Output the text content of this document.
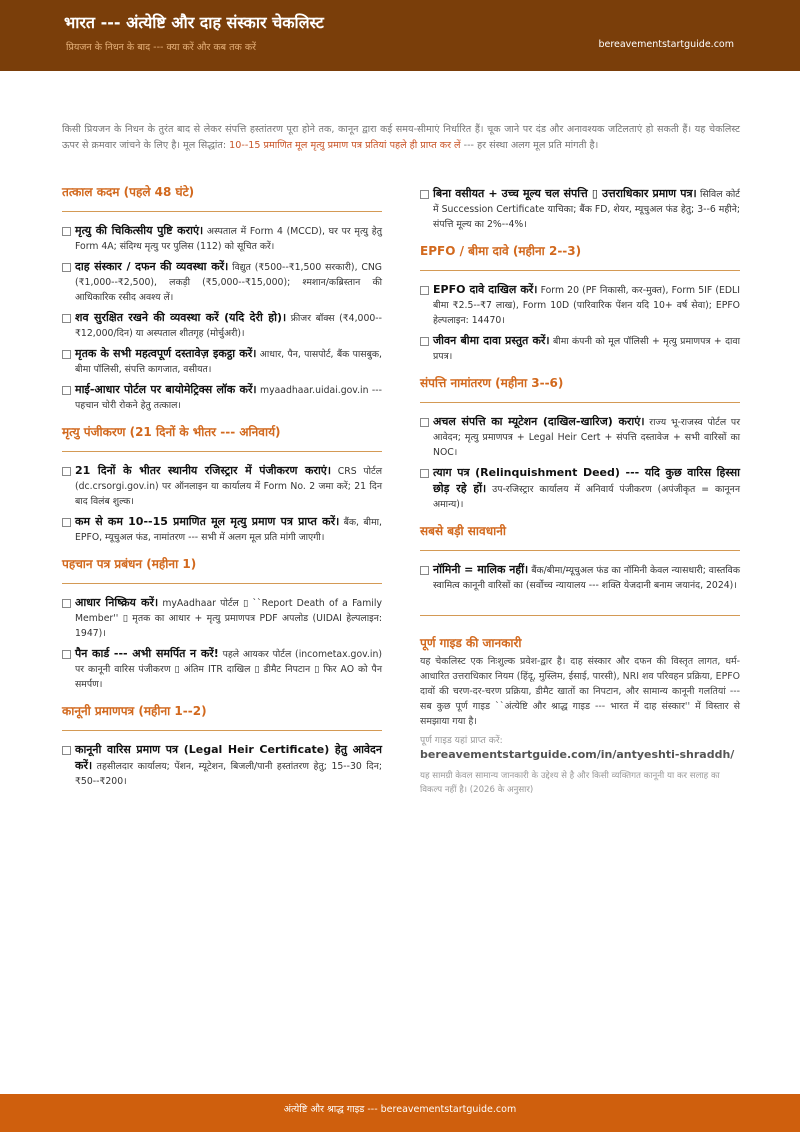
भारत --- अंत्येष्टि और दाह संस्कार चेकलिस्ट
प्रियजन के निधन के बाद --- क्या करें और कब तक करें	bereavementstartguide.com
किसी प्रियजन के निधन के तुरंत बाद से लेकर संपत्ति हस्तांतरण पूरा होने तक, कानून द्वारा कई समय-सीमाएं निर्धारित हैं। चूक जाने पर दंड और अनावश्यक जटिलताएं हो सकती हैं। यह चेकलिस्ट ऊपर से क्रमवार जांचने के लिए है। मूल सिद्धांत: 10--15 प्रमाणित मूल मृत्यु प्रमाण पत्र प्रतियां पहले ही प्राप्त कर लें --- हर संस्था अलग मूल प्रति मांगती है।
तत्काल कदम (पहले 48 घंटे)
मृत्यु की चिकित्सीय पुष्टि कराएं। अस्पताल में Form 4 (MCCD), घर पर मृत्यु हेतु Form 4A; संदिग्ध मृत्यु पर पुलिस (112) को सूचित करें।
दाह संस्कार / दफन की व्यवस्था करें। विद्युत (₹500--₹1,500 सरकारी), CNG (₹1,000--₹2,500), लकड़ी (₹5,000--₹15,000); श्मशान/कब्रिस्तान की आधिकारिक रसीद अवश्य लें।
शव सुरक्षित रखने की व्यवस्था करें (यदि देरी हो)। फ्रीजर बॉक्स (₹4,000--₹12,000/दिन) या अस्पताल शीतगृह (मोर्चुअरी)।
मृतक के सभी महत्वपूर्ण दस्तावेज़ इकट्ठा करें। आधार, पैन, पासपोर्ट, बैंक पासबुक, बीमा पॉलिसी, संपत्ति कागजात, वसीयत।
माई-आधार पोर्टल पर बायोमेट्रिक्स लॉक करें। myaadhaar.uidai.gov.in --- पहचान चोरी रोकने हेतु तत्काल।
मृत्यु पंजीकरण (21 दिनों के भीतर --- अनिवार्य)
21 दिनों के भीतर स्थानीय रजिस्ट्रार में पंजीकरण कराएं। CRS पोर्टल (dc.crsorgi.gov.in) पर ऑनलाइन या कार्यालय में Form No. 2 जमा करें; 21 दिन बाद विलंब शुल्क।
कम से कम 10--15 प्रमाणित मूल मृत्यु प्रमाण पत्र प्राप्त करें। बैंक, बीमा, EPFO, म्यूचुअल फंड, नामांतरण --- सभी में अलग मूल प्रति मांगी जाएगी।
पहचान पत्र प्रबंधन (महीना 1)
आधार निष्क्रिय करें। myAadhaar पोर्टल ▯ ``Report Death of a Family Member'' ▯ मृतक का आधार + मृत्यु प्रमाणपत्र PDF अपलोड (UIDAI हेल्पलाइन: 1947)।
पैन कार्ड --- अभी समर्पित न करें! पहले आयकर पोर्टल (incometax.gov.in) पर कानूनी वारिस पंजीकरण ▯ अंतिम ITR दाखिल ▯ डीमैट निपटान ▯ फिर AO को पैन समर्पण।
कानूनी प्रमाणपत्र (महीना 1--2)
कानूनी वारिस प्रमाण पत्र (Legal Heir Certificate) हेतु आवेदन करें। तहसीलदार कार्यालय; पेंशन, म्यूटेशन, बिजली/पानी हस्तांतरण हेतु; 15--30 दिन; ₹50--₹200।
बिना वसीयत + उच्च मूल्य चल संपत्ति ▯ उत्तराधिकार प्रमाण पत्र। सिविल कोर्ट में Succession Certificate याचिका; बैंक FD, शेयर, म्यूचुअल फंड हेतु; 3--6 महीने; संपत्ति मूल्य का 2%--4%।
EPFO / बीमा दावे (महीना 2--3)
EPFO दावे दाखिल करें। Form 20 (PF निकासी, कर-मुक्त), Form 5IF (EDLI बीमा ₹2.5--₹7 लाख), Form 10D (पारिवारिक पेंशन यदि 10+ वर्ष सेवा); EPFO हेल्पलाइन: 14470।
जीवन बीमा दावा प्रस्तुत करें। बीमा कंपनी को मूल पॉलिसी + मृत्यु प्रमाणपत्र + दावा प्रपत्र।
संपत्ति नामांतरण (महीना 3--6)
अचल संपत्ति का म्यूटेशन (दाखिल-खारिज) कराएं। राज्य भू-राजस्व पोर्टल पर आवेदन; मृत्यु प्रमाणपत्र + Legal Heir Cert + संपत्ति दस्तावेज + सभी वारिसों का NOC।
त्याग पत्र (Relinquishment Deed) --- यदि कुछ वारिस हिस्सा छोड़ रहे हों। उप-रजिस्ट्रार कार्यालय में अनिवार्य पंजीकरण (अपंजीकृत = कानूनन अमान्य)।
सबसे बड़ी सावधानी
नॉमिनी = मालिक नहीं। बैंक/बीमा/म्यूचुअल फंड का नॉमिनी केवल न्यासधारी; वास्तविक स्वामित्व कानूनी वारिसों का (सर्वोच्च न्यायालय --- शक्ति येजदानी बनाम जयानंद, 2024)।
पूर्ण गाइड की जानकारी
यह चेकलिस्ट एक निःशुल्क प्रवेश-द्वार है। दाह संस्कार और दफन की विस्तृत लागत, धर्म-आधारित उत्तराधिकार नियम (हिंदू, मुस्लिम, ईसाई, पारसी), NRI शव परिवहन प्रक्रिया, EPFO दावों की चरण-दर-चरण प्रक्रिया, डीमैट खातों का निपटान, और सामान्य कानूनी गलतियां --- सब कुछ पूर्ण गाइड ``अंत्येष्टि और श्राद्ध गाइड --- भारत में दाह संस्कार'' में विस्तार से समझाया गया है।
पूर्ण गाइड यहां प्राप्त करें:
bereavementstartguide.com/in/antyeshti-shraddh/
यह सामग्री केवल सामान्य जानकारी के उद्देश्य से है और किसी व्यक्तिगत कानूनी या कर सलाह का विकल्प नहीं है। (2026 के अनुसार)
अंत्येष्टि और श्राद्ध गाइड --- bereavementstartguide.com
